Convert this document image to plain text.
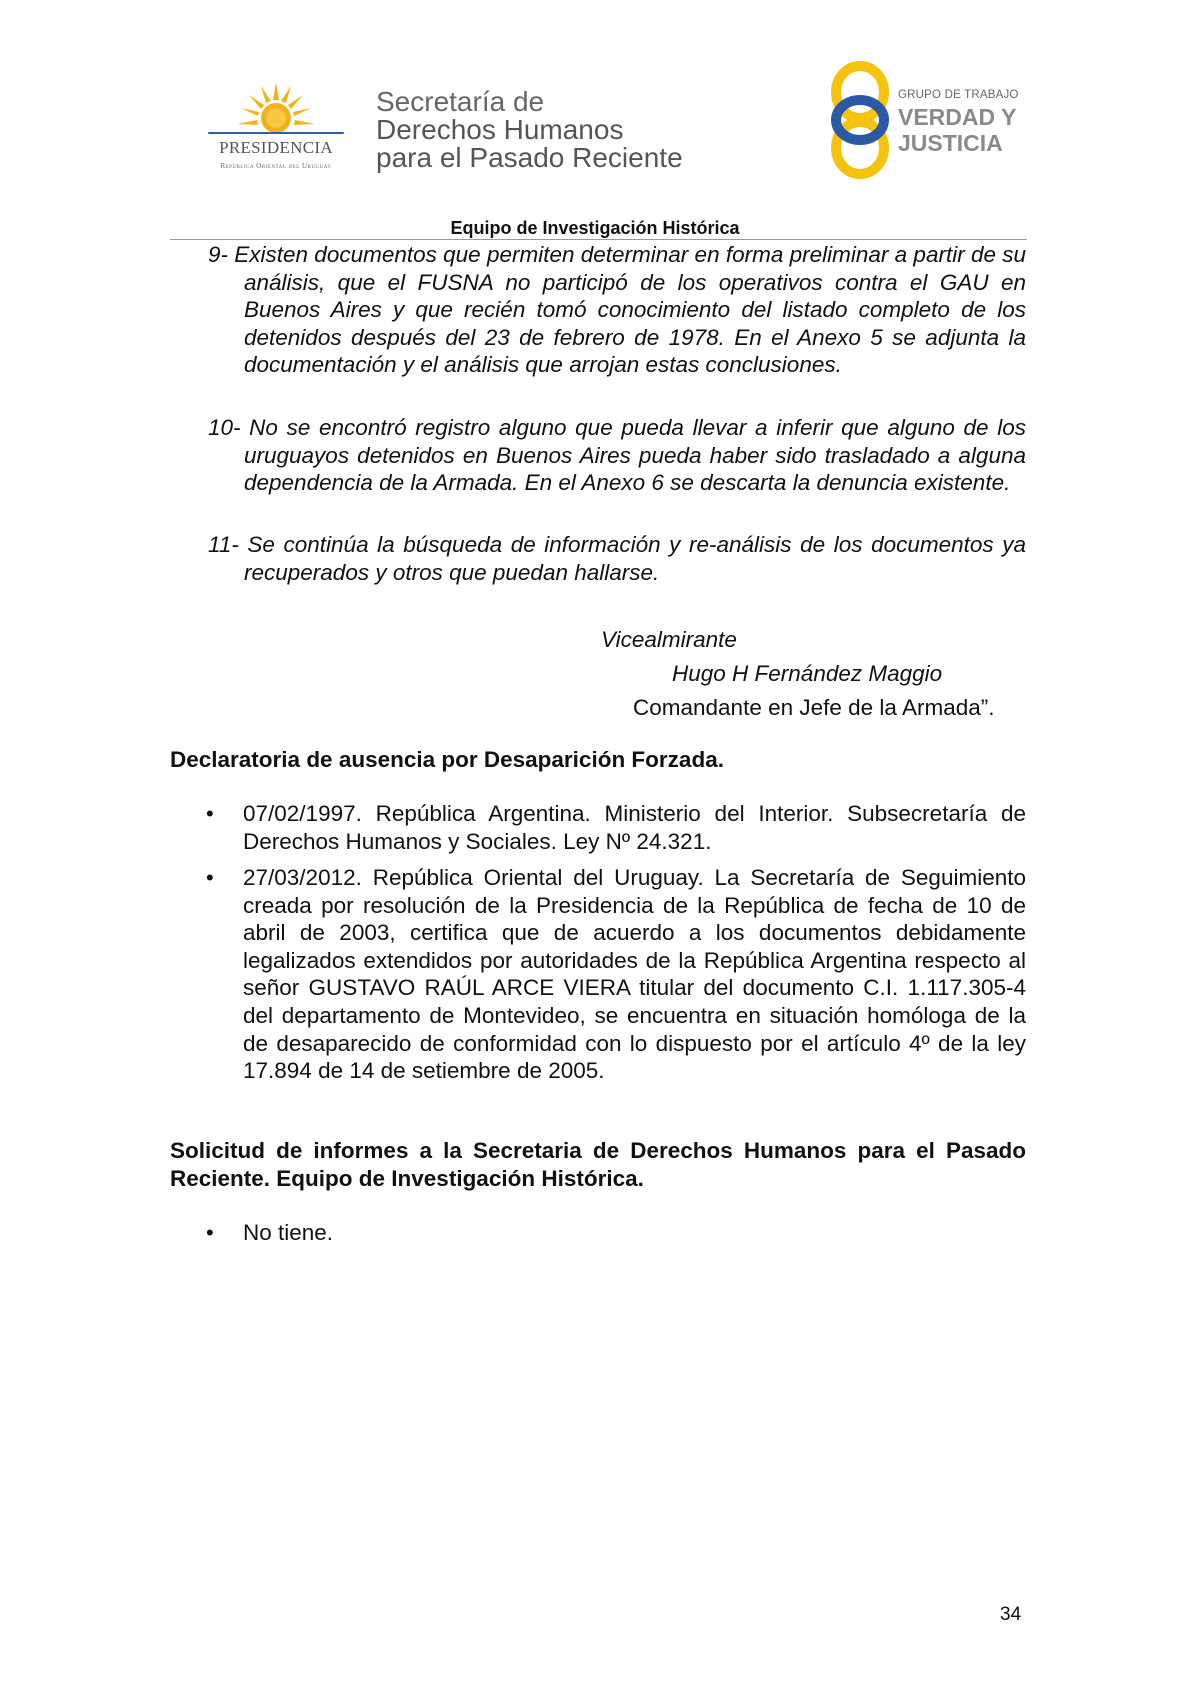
PRESIDENCIA
República Oriental del Uruguay
Secretaría de
Derechos Humanos
para el Pasado Reciente
GRUPO DE TRABAJO
VERDAD Y
JUSTICIA
Equipo de Investigación Histórica
9- Existen documentos que permiten determinar en forma preliminar a partir de su análisis, que el FUSNA no participó de los operativos contra el GAU en Buenos Aires y que recién tomó conocimiento del listado completo de los detenidos después del 23 de febrero de 1978. En el Anexo 5 se adjunta la documentación y el análisis que arrojan estas conclusiones.
10- No se encontró registro alguno que pueda llevar a inferir que alguno de los uruguayos detenidos en Buenos Aires pueda haber sido trasladado a alguna dependencia de la Armada. En el Anexo 6 se descarta la denuncia existente.
11- Se continúa la búsqueda de información y re-análisis de los documentos ya recuperados y otros que puedan hallarse.
Vicealmirante
Hugo H Fernández Maggio
Comandante en Jefe de la Armada”.
Declaratoria de ausencia por Desaparición Forzada.
• 07/02/1997. República Argentina. Ministerio del Interior. Subsecretaría de Derechos Humanos y Sociales. Ley Nº 24.321.
• 27/03/2012. República Oriental del Uruguay. La Secretaría de Seguimiento creada por resolución de la Presidencia de la República de fecha de 10 de abril de 2003, certifica que de acuerdo a los documentos debidamente legalizados extendidos por autoridades de la República Argentina respecto al señor GUSTAVO RAÚL ARCE VIERA titular del documento C.I. 1.117.305-4 del departamento de Montevideo, se encuentra en situación homóloga de la de desaparecido de conformidad con lo dispuesto por el artículo 4º de la ley 17.894 de 14 de setiembre de 2005.
Solicitud de informes a la Secretaria de Derechos Humanos para el Pasado Reciente. Equipo de Investigación Histórica.
• No tiene.
34
